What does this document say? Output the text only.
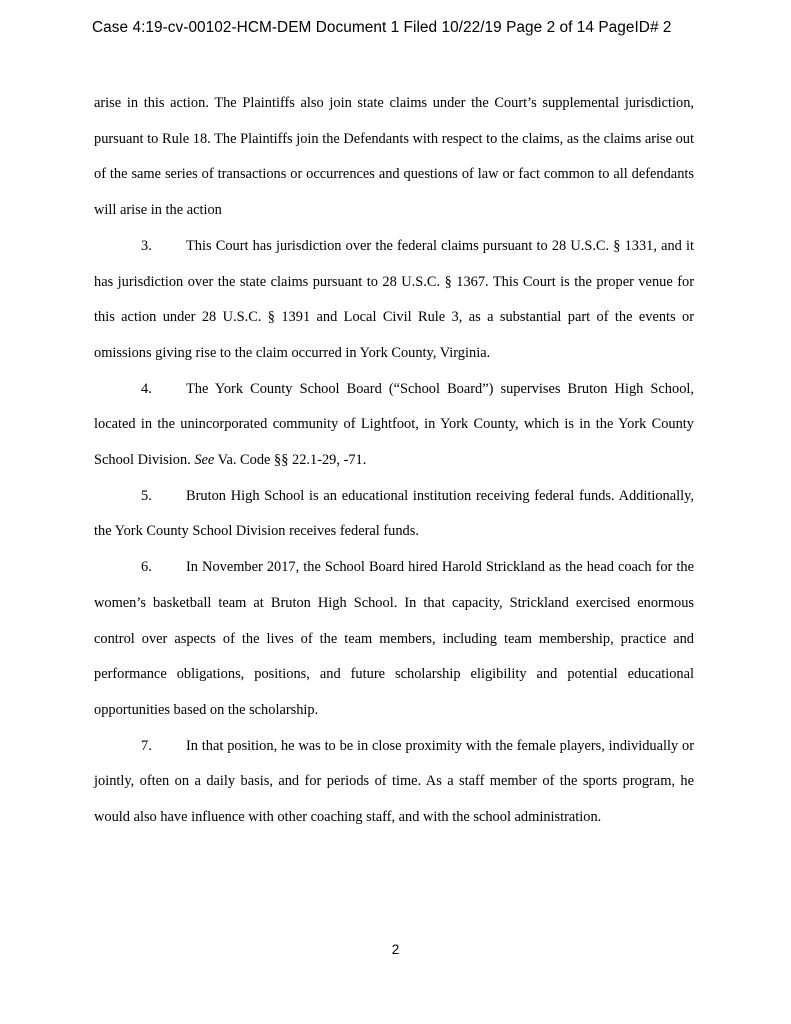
Case 4:19-cv-00102-HCM-DEM Document 1 Filed 10/22/19 Page 2 of 14 PageID# 2

arise in this action. The Plaintiffs also join state claims under the Court’s supplemental jurisdiction, pursuant to Rule 18. The Plaintiffs join the Defendants with respect to the claims, as the claims arise out of the same series of transactions or occurrences and questions of law or fact common to all defendants will arise in the action

3. This Court has jurisdiction over the federal claims pursuant to 28 U.S.C. § 1331, and it has jurisdiction over the state claims pursuant to 28 U.S.C. § 1367. This Court is the proper venue for this action under 28 U.S.C. § 1391 and Local Civil Rule 3, as a substantial part of the events or omissions giving rise to the claim occurred in York County, Virginia.

4. The York County School Board (“School Board”) supervises Bruton High School, located in the unincorporated community of Lightfoot, in York County, which is in the York County School Division. See Va. Code §§ 22.1-29, -71.

5. Bruton High School is an educational institution receiving federal funds. Additionally, the York County School Division receives federal funds.

6. In November 2017, the School Board hired Harold Strickland as the head coach for the women’s basketball team at Bruton High School. In that capacity, Strickland exercised enormous control over aspects of the lives of the team members, including team membership, practice and performance obligations, positions, and future scholarship eligibility and potential educational opportunities based on the scholarship.

7. In that position, he was to be in close proximity with the female players, individually or jointly, often on a daily basis, and for periods of time. As a staff member of the sports program, he would also have influence with other coaching staff, and with the school administration.

2
